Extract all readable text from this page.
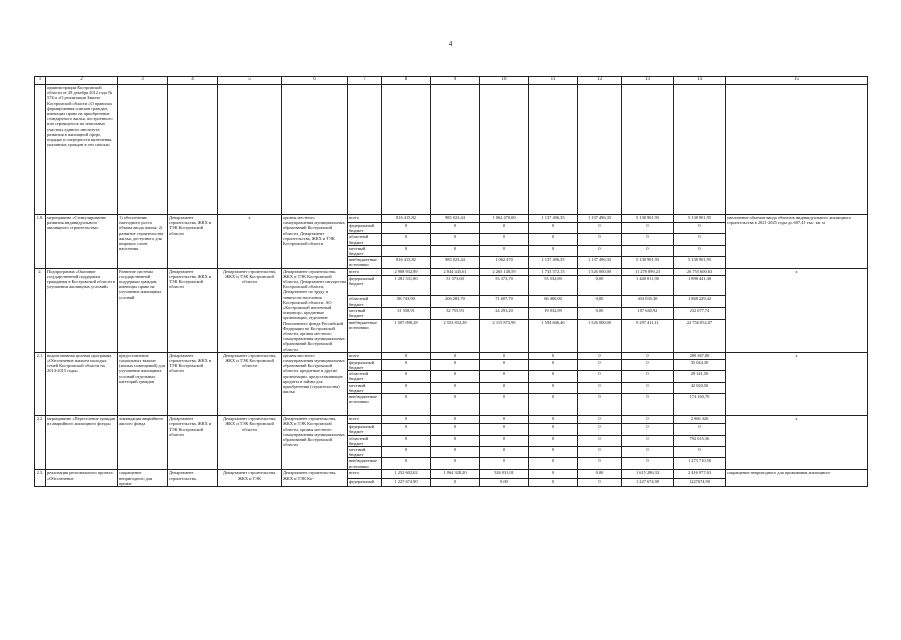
4
1	2	3	4	5	6	7	8	9	10	11	12	13	14	15
	администрации Костромской области от 28 декабря 2012 года № 574-а «О реализации Закона Костромской области «О правилах формирования списков граждан, имеющих право на приобретение стандартного жилья, построенного или строящегося на земельных участках единого института развития в жилищной сфере, порядке и очередности включения указанных граждан в эти списки»													
1.8.	мероприятие «Стимулирование развития индивидуального жилищного строительства»	1) обеспечение ежегодного роста объема ввода жилья; 2) развитие строительства жилья, доступного для широких слоев населения	Департамент строительства, ЖКХ и ТЭК Костромской области	х	органы местного самоуправления муниципальных образований Костромской области, Департамент строительства, ЖКХ и ТЭК Костромской области	всего	816 415,82	985 023,44	1 062 470,00	1 137 496,35	1 137 496,35	5 138 901,95	5 138 901,95	увеличение объемов ввода объектов индивидуального жилищного строительства в 2021-2025 годы до 607,41 тыс. кв. м
						федеральный бюджет	0	0	0	0	0	0	0	
						областной бюджет	0	0	0	0	0	0	0	
						местный бюджет	0	0	0	0	0	0	0	
						внебюджетные источники	816 415,82	985 023,44	1 062 470	1 137 496,35	1 137 496,35	5 138 901,95	5 138 901,95	
2.	Подпрограмма «Оказание государственной поддержки гражданам в Костромской области в улучшении жилищных условий»	Развитие системы государственной поддержки граждан, имеющих право на улучшение жилищных условий	Департамент строительства, ЖКХ и ТЭК Костромской области	Департамент строительства, ЖКХ и ТЭК Костромской области	Департамент строительства, ЖКХ и ТЭК Костромской области, Департамент имущества Костромской области, Департамент по труду и занятости населения Костромской области, АО «Костромской ипотечный оператор», кредитные организации, отделение Пенсионного фонда Российской Федерации по Костромской области, органы местного самоуправления муниципальных образований Костромской области	всего	2 908 932,89	2 844 445,61	2 265 148,59	1 733 572,15	1 526 000,00	11 278 099,23	26 755 600,63	х
						федеральный бюджет	1 281 531,80	51 573,60	53 373,70	53 532,80	0,00	1 440 011,90	1 898 441,40	
						областной бюджет	88 743,90	206 283,70	71 607,70	66 400,00	0,00	433 035,30	1 868 229,42	
						местный бюджет	31 558,91	32 755,93	24 293,20	19 032,89	0,00	107 640,92	232 077,74	
						внебюджетные источники	1 507 098,28	2 553 832,38	2 115 873,99	1 594 606,46	1 526 000,00	9 297 411,11	22 756 852,07	
2.1.	ведомственная целевая программа «Обеспечение жильем молодых семей Костромской области на 2014-2015 годы»	предоставление социальных выплат (жилых помещений) для улучшения жилищных условий отдельных категорий граждан	Департамент строительства, ЖКХ и ТЭК Костромской области	Департамент строительства, ЖКХ и ТЭК Костромской области	органы местного самоуправления муниципальных образований Костромской области, кредитные и другие организации, предоставляющие кредиты и займы для приобретения (строительства) жилья	всего	0	0	0	0	0	0	280 367,00	х
						федеральный бюджет	0	0	0	0	0	0	35 044,30	
						областной бюджет	0	0	0	0	0	0	29 141,50	
						местный бюджет	0	0	0	0	0	0	42 020,50	
						внебюджетные источники	0	0	0	0	0	0	174 160,70	
2.2.	мероприятие «Переселение граждан из аварийного жилищного фонда»	ликвидация аварийного жилого фонда	Департамент строительства, ЖКХ и ТЭК Костромской области	Департамент строительства, ЖКХ и ТЭК Костромской области	Департамент строительства, ЖКХ и ТЭК Костромской области, органы местного самоуправления муниципальных образований Костромской области	всего	0	0	0	0	0	0	2 066 326	х
						федеральный бюджет	0	0	0	0	0	0	0	
						областной бюджет	0	0	0	0	0	0	792 615,50	
						местный бюджет	0	0	0	0	0	0	0	
						внебюджетные источники	0	0	0	0	0	0	1 273 710,50	
2.3.	реализация регионального проекта «Обеспечение	сокращение непригодного для прожи-	Департамент строительства,	Департамент строительства, ЖКХ и ТЭК	Департамент строительства, ЖКХ и ТЭК Ко-	всего	1 252 602,02	1 064 328,20	526 031,01	0	0,00	1 615 286,33	2 416 977,63	сокращение непригодного для проживания жилищного
						федеральный	1 227 674,90	0	0,00	0	0	1 227 674,90	1227674,90	
